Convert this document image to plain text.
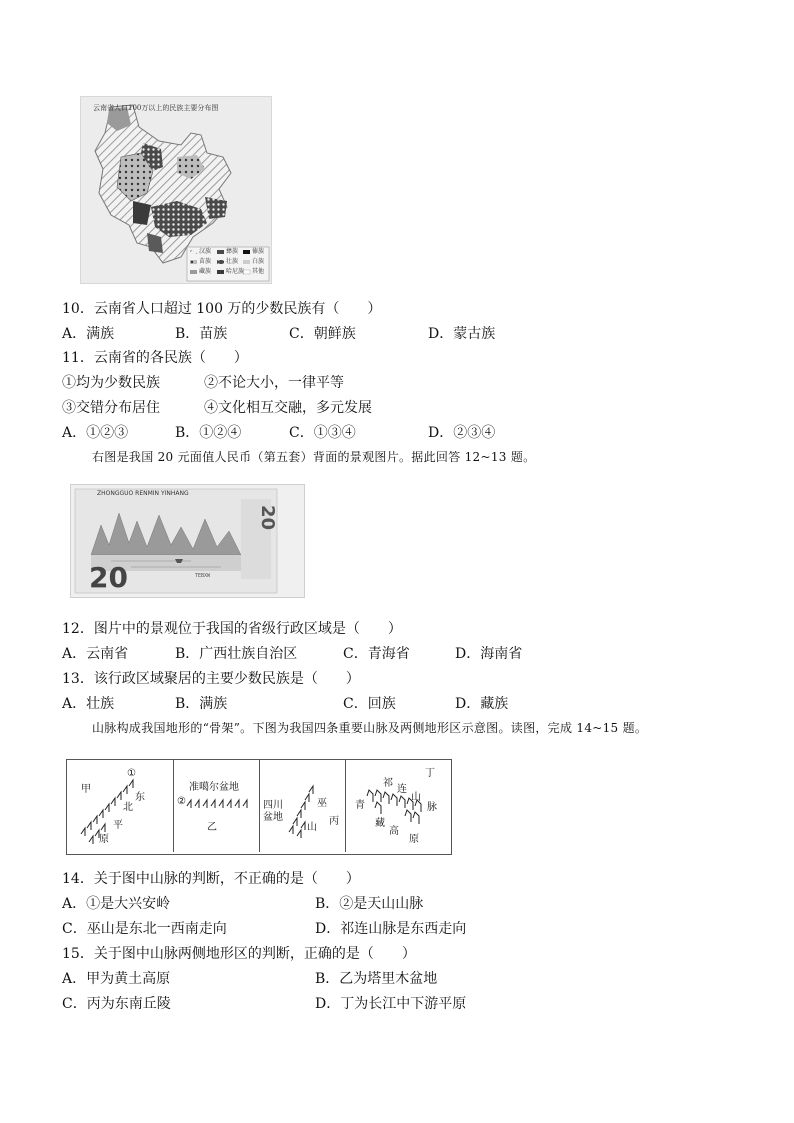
云南省人口100万以上的民族主要分布图
汉族 彝族 傣族
苗族 壮族 白族
藏族 哈尼族 其他
10．云南省人口超过 100 万的少数民族有（　　）
A．满族	B．苗族	C．朝鲜族	D．蒙古族
11．云南省的各民族（　　）
①均为少数民族	②不论大小，一律平等
③交错分布居住	④文化相互交融，多元发展
A．①②③	B．①②④	C．①③④	D．②③④
右图是我国 20 元面值人民币（第五套）背面的景观图片。据此回答 12~13 题。
ZHONGGUO RENMIN YINHANG
20
20
TEBXW
12．图片中的景观位于我国的省级行政区域是（　　）
A．云南省	B．广西壮族自治区	C．青海省	D．海南省
13．该行政区域聚居的主要少数民族是（　　）
A．壮族	B．满族	C．回族	D．藏族
山脉构成我国地形的“骨架”。下图为我国四条重要山脉及两侧地形区示意图。读图，完成 14~15 题。
甲
①
东
北
平
原
②
准噶尔盆地
乙
四川
盆地
巫
山
丙
丁
祁
连
山
脉
青
藏
高
原
14．关于图中山脉的判断，不正确的是（　　）
A．①是大兴安岭	B．②是天山山脉
C．巫山是东北一西南走向	D．祁连山脉是东西走向
15．关于图中山脉两侧地形区的判断，正确的是（　　）
A．甲为黄土高原	B．乙为塔里木盆地
C．丙为东南丘陵	D．丁为长江中下游平原
